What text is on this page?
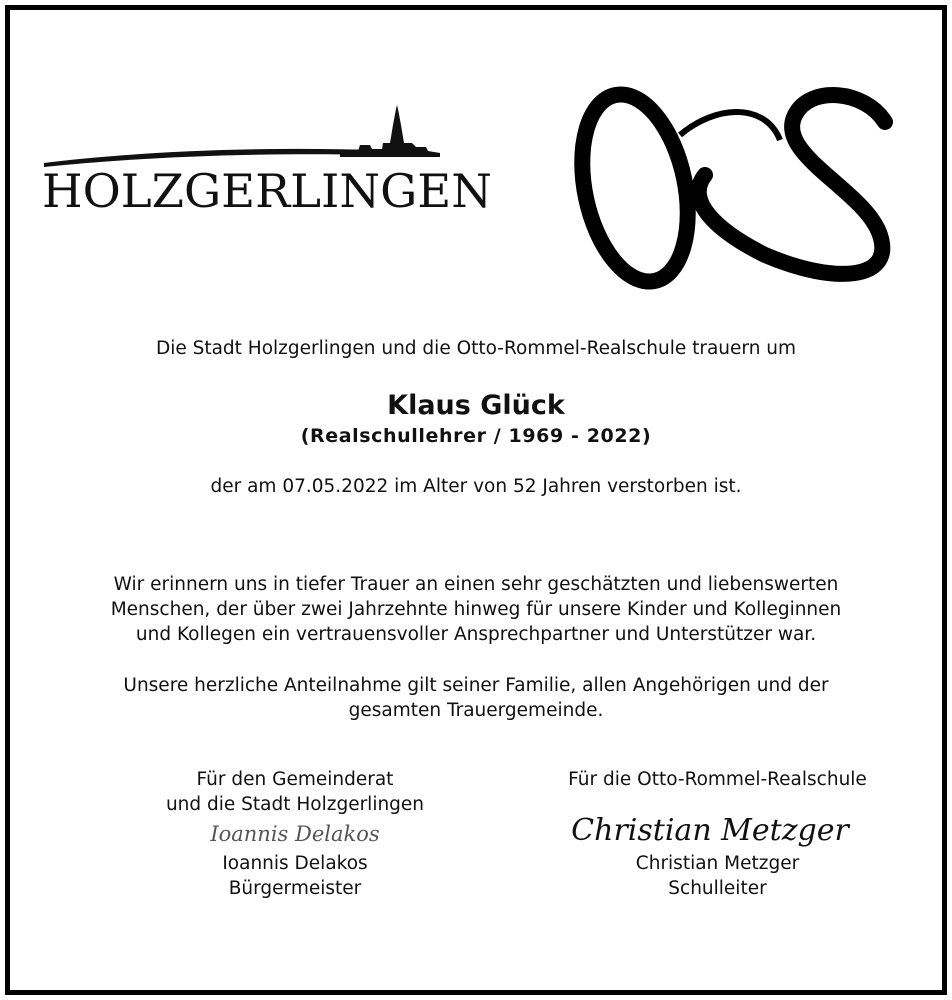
HOLZGERLINGEN
ORS
Die Stadt Holzgerlingen und die Otto-Rommel-Realschule trauern um
Klaus Glück
(Realschullehrer / 1969 - 2022)
der am 07.05.2022 im Alter von 52 Jahren verstorben ist.
Wir erinnern uns in tiefer Trauer an einen sehr geschätzten und liebenswerten
Menschen, der über zwei Jahrzehnte hinweg für unsere Kinder und Kolleginnen
und Kollegen ein vertrauensvoller Ansprechpartner und Unterstützer war.
Unsere herzliche Anteilnahme gilt seiner Familie, allen Angehörigen und der
gesamten Trauergemeinde.
Für den Gemeinderat
und die Stadt Holzgerlingen
Ioannis Delakos
Ioannis Delakos
Bürgermeister
Für die Otto-Rommel-Realschule
Christian Metzger
Christian Metzger
Schulleiter
